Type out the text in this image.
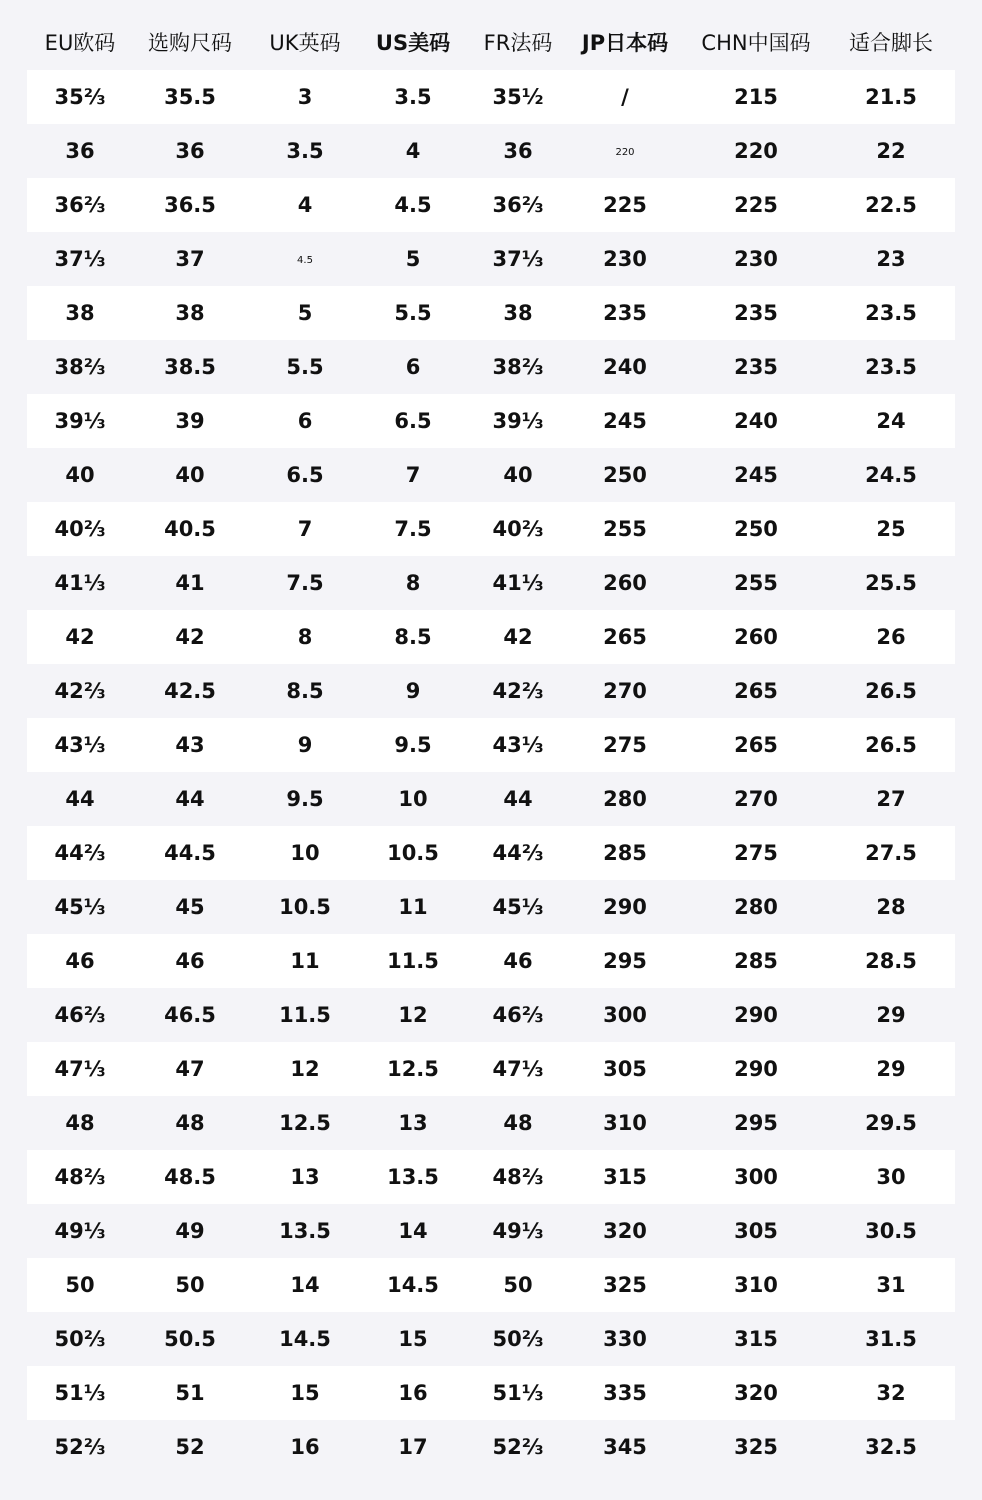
EU欧码	选购尺码	UK英码	US美码	FR法码	JP日本码	CHN中国码	适合脚长
35⅔	35.5	3	3.5	35½	/	215	21.5
36	36	3.5	4	36	220	220	22
36⅔	36.5	4	4.5	36⅔	225	225	22.5
37⅓	37	4.5	5	37⅓	230	230	23
38	38	5	5.5	38	235	235	23.5
38⅔	38.5	5.5	6	38⅔	240	235	23.5
39⅓	39	6	6.5	39⅓	245	240	24
40	40	6.5	7	40	250	245	24.5
40⅔	40.5	7	7.5	40⅔	255	250	25
41⅓	41	7.5	8	41⅓	260	255	25.5
42	42	8	8.5	42	265	260	26
42⅔	42.5	8.5	9	42⅔	270	265	26.5
43⅓	43	9	9.5	43⅓	275	265	26.5
44	44	9.5	10	44	280	270	27
44⅔	44.5	10	10.5	44⅔	285	275	27.5
45⅓	45	10.5	11	45⅓	290	280	28
46	46	11	11.5	46	295	285	28.5
46⅔	46.5	11.5	12	46⅔	300	290	29
47⅓	47	12	12.5	47⅓	305	290	29
48	48	12.5	13	48	310	295	29.5
48⅔	48.5	13	13.5	48⅔	315	300	30
49⅓	49	13.5	14	49⅓	320	305	30.5
50	50	14	14.5	50	325	310	31
50⅔	50.5	14.5	15	50⅔	330	315	31.5
51⅓	51	15	16	51⅓	335	320	32
52⅔	52	16	17	52⅔	345	325	32.5
